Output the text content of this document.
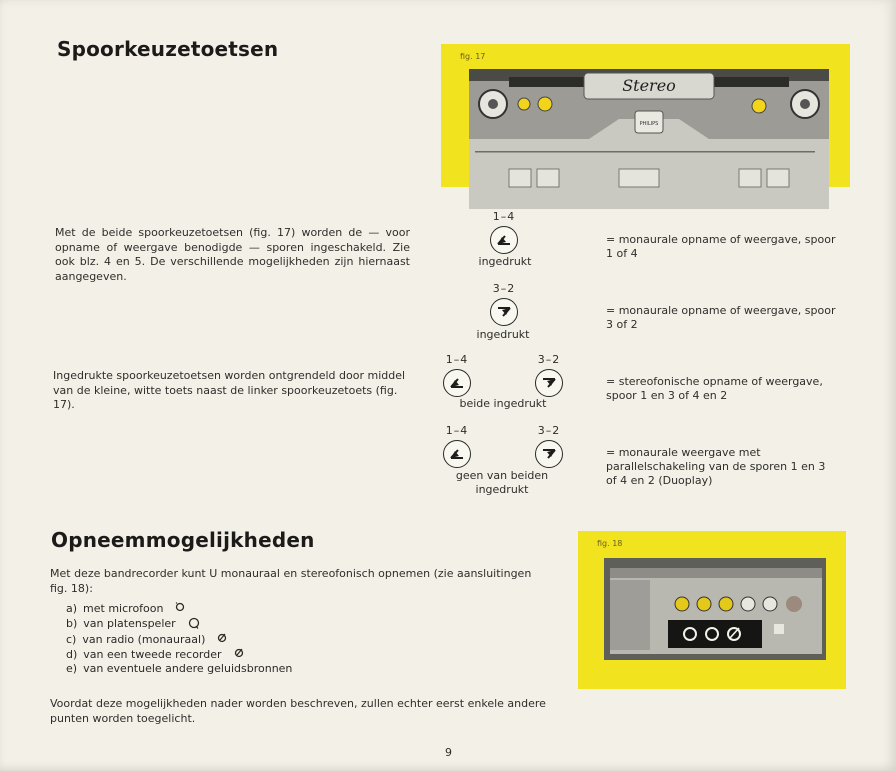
Spoorkeuzetoetsen
Met de beide spoorkeuzetoetsen (fig. 17) worden de — voor opname of weergave benodigde — sporen ingeschakeld. Zie ook blz. 4 en 5. De verschillende mogelijkheden zijn hiernaast aangegeven.
Ingedrukte spoorkeuzetoetsen worden ontgrendeld door middel van de kleine, witte toets naast de linker spoorkeuzetoets (fig. 17).
fig. 17
Stereo
PHILIPS
1–4
ingedrukt
3–2
ingedrukt
1–4	3–2
beide ingedrukt
1–4	3–2
geen van beiden
ingedrukt
= monaurale opname of weergave, spoor 1 of 4
= monaurale opname of weergave, spoor 3 of 2
= stereofonische opname of weergave, spoor 1 en 3 of 4 en 2
= monaurale weergave met parallelschakeling van de sporen 1 en 3 of 4 en 2 (Duoplay)
Opneemmogelijkheden
Met deze bandrecorder kunt U monauraal en stereofonisch opnemen (zie aansluitingen fig. 18):
a) met microfoon
b) van platenspeler
c) van radio (monauraal)
d) van een tweede recorder
e) van eventuele andere geluidsbronnen
Voordat deze mogelijkheden nader worden beschreven, zullen echter eerst enkele andere punten worden toegelicht.
fig. 18
9
